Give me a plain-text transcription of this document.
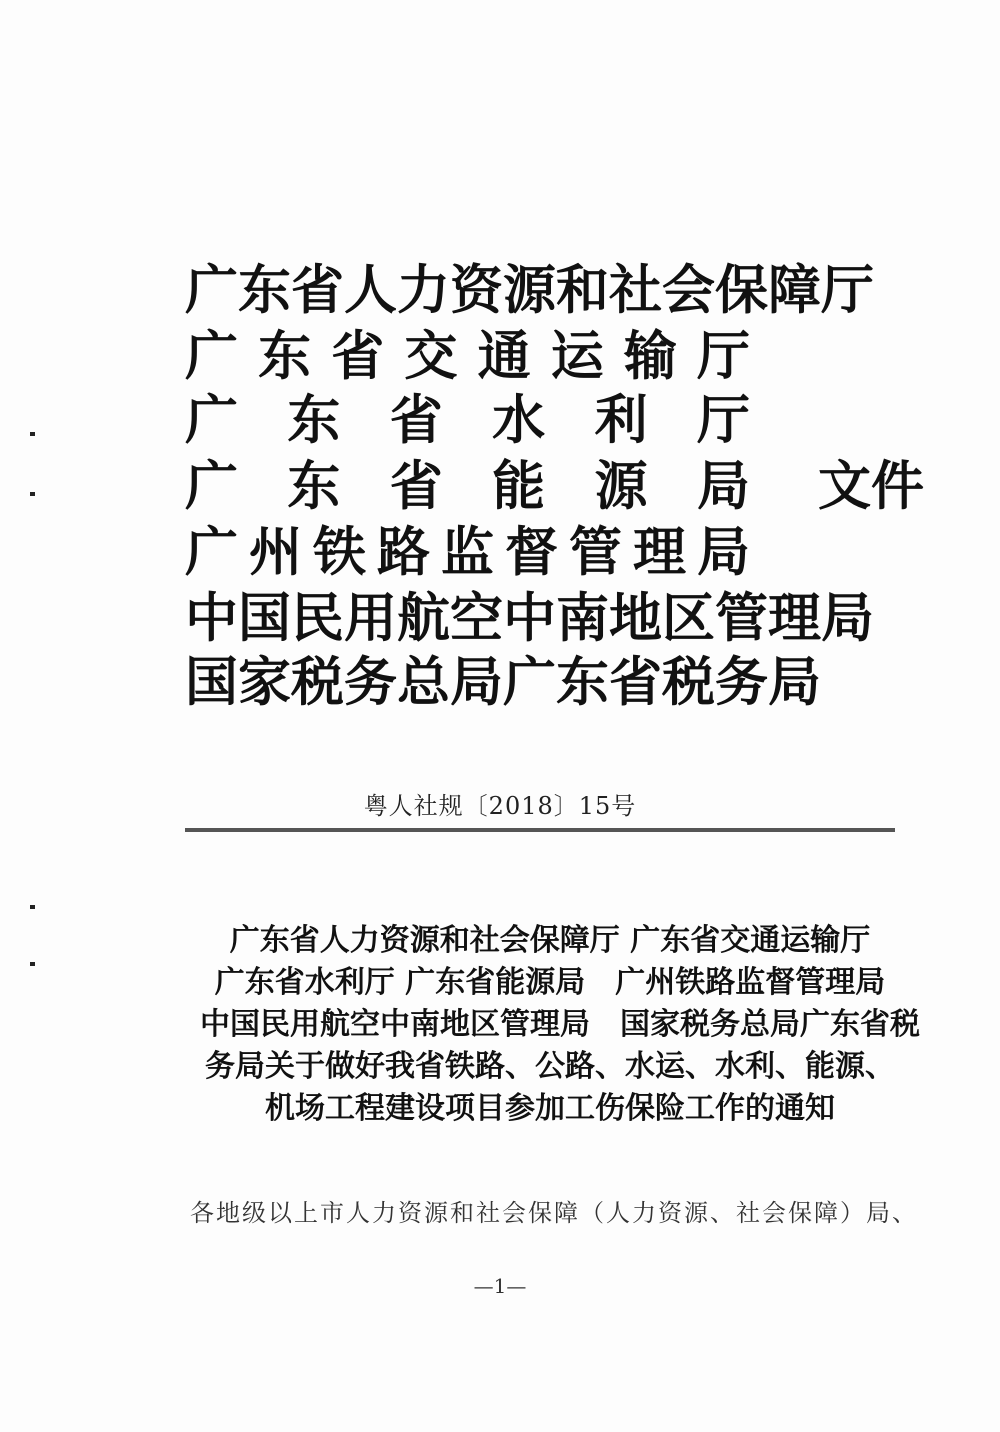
广 东 省 人 力 资 源 和 社 会 保 障 厅
广 东 省 交 通 运 输 厅
广 东 省 水 利 厅
广 东 省 能 源 局
广 州 铁 路 监 督 管 理 局
中 国 民 用 航 空 中 南 地 区 管 理 局
国 家 税 务 总 局 广 东 省 税 务 局
文件
粤人社规〔2018〕15号
广东省人力资源和社会保障厅 广东省交通运输厅
广东省水利厅 广东省能源局　广州铁路监督管理局
中国民用航空中南地区管理局　国家税务总局广东省税
务局关于做好我省铁路、公路、水运、水利、能源、
机场工程建设项目参加工伤保险工作的通知
各地级以上市人力资源和社会保障（人力资源、社会保障）局、
—1—
